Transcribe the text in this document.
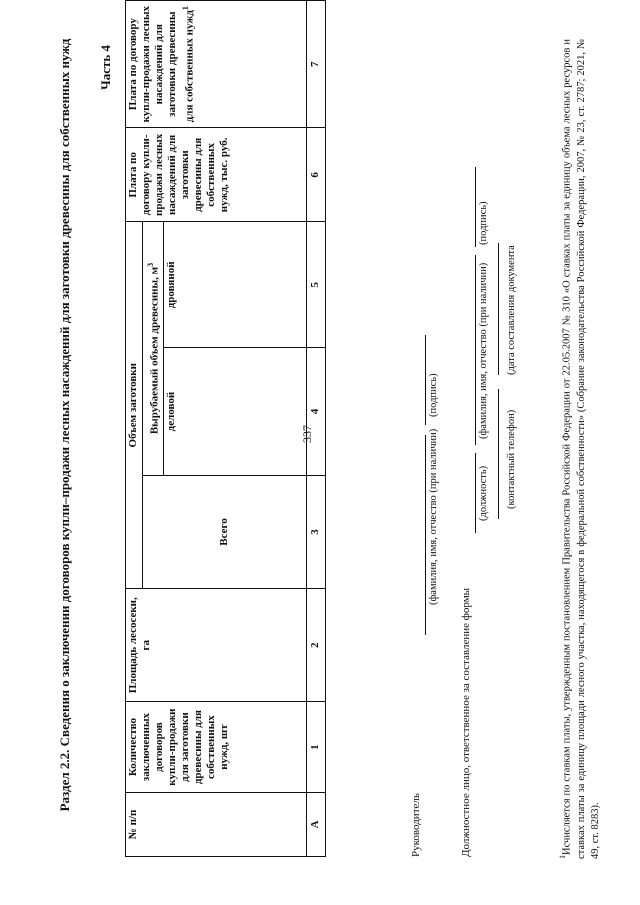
337
Раздел 2.2. Сведения о заключении договоров купли–продажи лесных насаждений для заготовки древесины для собственных нужд Часть 4
№ п/п	Количество заключенных договоров купли-продажи для заготовки древесины для собственных нужд, шт	Площадь лесосеки, га	Объем заготовки			Плата по договору купли-продажи лесных насаждений для заготовки древесины для собственных нужд, тыс. руб.	Плата по договору купли-продажи лесных насаждений для заготовки древесины для собственных нужд$^1$
			Всего	Вырубаемый объем древесины, $м^3$
				деловой	дровяной		
A	1	2	3	4	5	6	7
Руководитель
(фамилия, имя, отчество (при наличии)
(подпись)
Должностное лицо, ответственное за составление формы
(должность)
(фамилия, имя, отчество (при наличии)
(подпись)
(контактный телефон)
(дата составления документа
$^1$Исчисляется по ставкам платы, утвержденным постановлением Правительства Российской Федерации от 22.05.2007 № 310 «О ставках платы за единицу объема лесных ресурсов и ставках платы за единицу площади лесного участка, находящегося в федеральной собственности» (Собрание законодательства Российской Федерации, 2007, № 23, ст. 2787; 2021, № 49, ст. 8283).
